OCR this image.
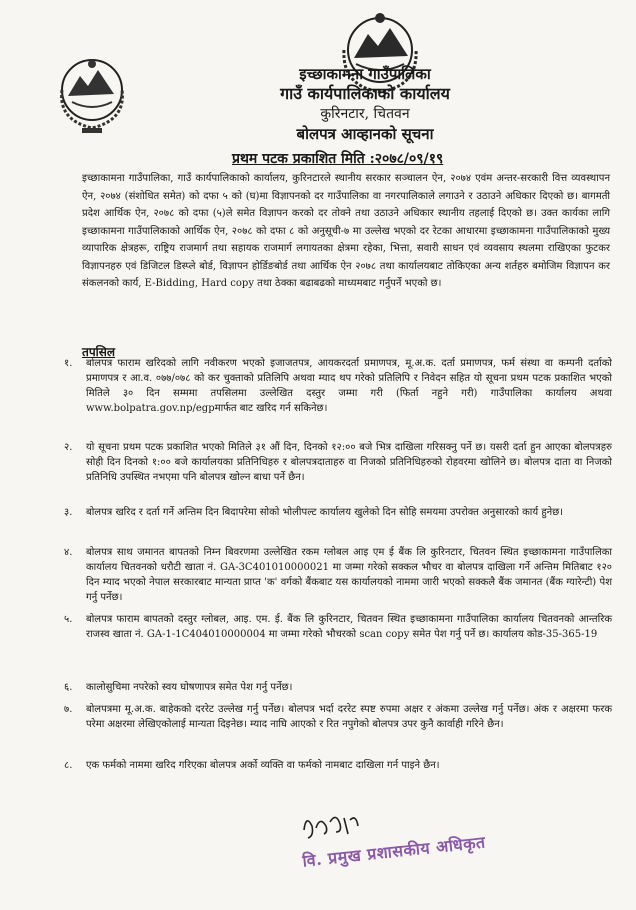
इच्छाकामना गाउँपालिका
गाउँ कार्यपालिकाको कार्यालय
कुरिनटार, चितवन
बोलपत्र आव्हानको सूचना
प्रथम पटक प्रकाशित मिति :२०७८/०९/१९
इच्छाकामना गाउँपालिका, गाउँ कार्यपालिकाको कार्यालय, कुरिनटारले स्थानीय सरकार सञ्चालन ऐन, २०७४ एवंम अन्तर-सरकारी वित्त व्यवस्थापन ऐन, २०७४ (संशोधित समेत) को दफा ५ को (घ)मा विज्ञापनको दर गाउँपालिका वा नगरपालिकाले लगाउने र उठाउने अधिकार दिएको छ। बागमती प्रदेश आर्थिक ऐन, २०७८ को दफा (५)ले समेत विज्ञापन करको दर तोक्ने तथा उठाउने अधिकार स्थानीय तहलाई दिएको छ। उक्त कार्यका लागि इच्छाकामना गाउँपालिकाको आर्थिक ऐन, २०७८ को दफा ८ को अनुसूची-७ मा उल्लेख भएको दर रेटका आधारमा इच्छाकामना गाउँपालिकाको मुख्य व्यापारिक क्षेत्रहरू, राष्ट्रिय राजमार्ग तथा सहायक राजमार्ग लगायतका क्षेत्रमा रहेका, भित्ता, सवारी साधन एवं व्यवसाय स्थलमा राखिएका फुटकर विज्ञापनहरु एवं डिजिटल डिस्प्ले बोर्ड, विज्ञापन होर्डिङबोर्ड तथा आर्थिक ऐन २०७८ तथा कार्यालयबाट तोकिएका अन्य शर्तहरु बमोजिम विज्ञापन कर संकलनको कार्य, E-Bidding, Hard copy तथा ठेक्का बढाबढको माध्यमबाट गर्नुपर्ने भएको छ।
तपसिल
१. बोलपत्र फाराम खरिदको लागि नवीकरण भएको इजाजतपत्र, आयकरदर्ता प्रमाणपत्र, मू.अ.क. दर्ता प्रमाणपत्र, फर्म संस्था वा कम्पनी दर्ताको प्रमाणपत्र र आ.व. ०७७/०७८ को कर चुक्ताको प्रतिलिपि अथवा म्याद थप गरेको प्रतिलिपि र निवेदन सहित यो सूचना प्रथम पटक प्रकाशित भएको मितिले ३० दिन सम्ममा तपसिलमा उल्लेखित दस्तुर जम्मा गरी (फिर्ता नहुने गरी) गाउँपालिका कार्यालय अथवा www.bolpatra.gov.np/egpमार्फत बाट खरिद गर्न सकिनेछ।
२. यो सूचना प्रथम पटक प्रकाशित भएको मितिले ३१ औं दिन, दिनको १२:०० बजे भित्र दाखिला गरिसक्नु पर्ने छ। यसरी दर्ता हुन आएका बोलपत्रहरु सोही दिन दिनको १:०० बजे कार्यालयका प्रतिनिधिहरु र बोलपत्रदाताहरु वा निजको प्रतिनिधिहरुको रोहवरमा खोलिने छ। बोलपत्र दाता वा निजको प्रतिनिधि उपस्थित नभएमा पनि बोलपत्र खोल्न बाधा पर्ने छैन।
३. बोलपत्र खरिद र दर्ता गर्ने अन्तिम दिन बिदापरेमा सोको भोलीपल्ट कार्यालय खुलेको दिन सोहि समयमा उपरोक्त अनुसारको कार्य हुनेछ।
४. बोलपत्र साथ जमानत बापतको निम्न बिवरणमा उल्लेखित रकम ग्लोबल आइ एम ई बैंक लि कुरिनटार, चितवन स्थित इच्छाकामना गाउँपालिका कार्यालय चितवनको धरौटी खाता नं. GA-3C401010000021 मा जम्मा गरेको सक्कल भौचर वा बोलपत्र दाखिला गर्ने अन्तिम मितिबाट १२० दिन म्याद भएको नेपाल सरकारबाट मान्यता प्राप्त 'क' वर्गको बैंकबाट यस कार्यालयको नाममा जारी भएको सक्कलै बैंक जमानत (बैंक ग्यारेन्टी) पेश गर्नु पर्नेछ।
५. बोलपत्र फाराम बापतको दस्तुर ग्लोबल, आइ. एम. ई. बैंक लि कुरिनटार, चितवन स्थित इच्छाकामना गाउँपालिका कार्यालय चितवनको आन्तरिक राजस्व खाता नं. GA-1-1C404010000004 मा जम्मा गरेको भौचरको scan copy समेत पेश गर्नु पर्ने छ। कार्यालय कोड-35-365-19
६. कालोसुचिमा नपरेको स्वय घोषणापत्र समेत पेश गर्नु पर्नेछ।
७. बोलपत्रमा मू.अ.क. बाहेकको दररेट उल्लेख गर्नु पर्नेछ। बोलपत्र भर्दा दररेट स्पष्ट रुपमा अक्षर र अंकमा उल्लेख गर्नु पर्नेछ। अंक र अक्षरमा फरक परेमा अक्षरमा लेखिएकोलाई मान्यता दिइनेछ। म्याद नाघि आएको र रित नपुगेको बोलपत्र उपर कुनै कार्वाही गरिने छैन।
८. एक फर्मको नाममा खरिद गरिएका बोलपत्र अर्को व्यक्ति वा फर्मको नामबाट दाखिला गर्न पाइने छैन।
वि. प्रमुख प्रशासकीय अधिकृत
